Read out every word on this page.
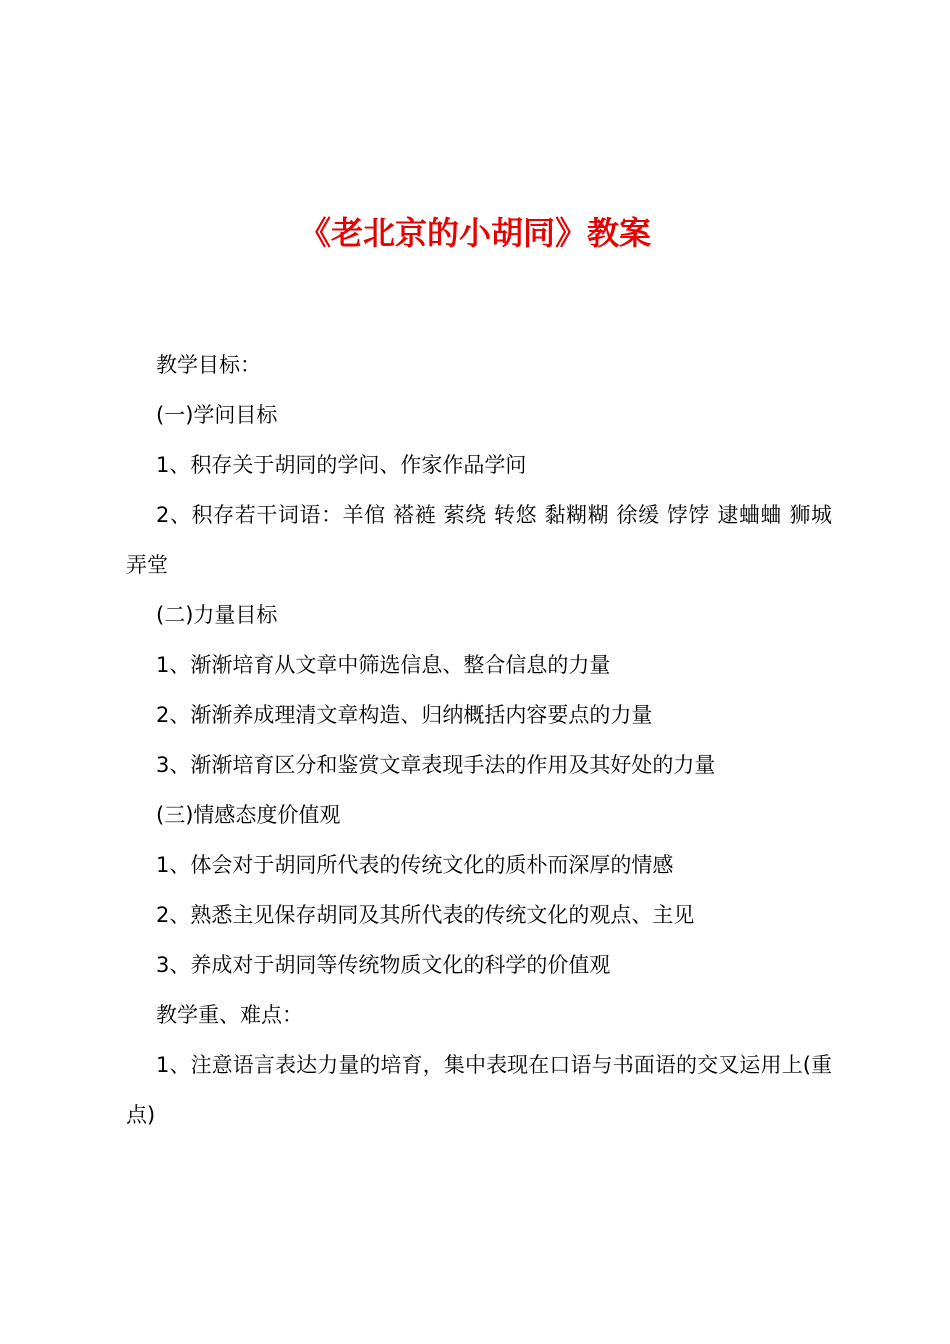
《老北京的小胡同》教案

教学目标：

(一)学问目标

1、积存关于胡同的学问、作家作品学问

2、积存若干词语：羊倌 褡裢 萦绕 转悠 黏糊糊 徐缓 饽饽 逮蛐蛐 狮城 弄堂

(二)力量目标

1、渐渐培育从文章中筛选信息、整合信息的力量

2、渐渐养成理清文章构造、归纳概括内容要点的力量

3、渐渐培育区分和鉴赏文章表现手法的作用及其好处的力量

(三)情感态度价值观

1、体会对于胡同所代表的传统文化的质朴而深厚的情感

2、熟悉主见保存胡同及其所代表的传统文化的观点、主见

3、养成对于胡同等传统物质文化的科学的价值观

教学重、难点：

1、注意语言表达力量的培育，集中表现在口语与书面语的交叉运用上(重点)
